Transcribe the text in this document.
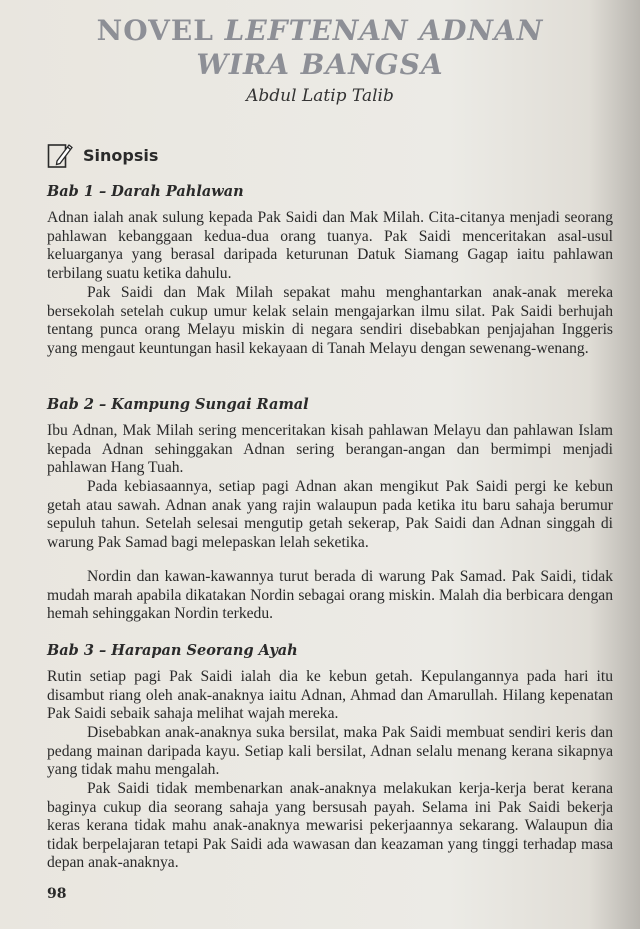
NOVEL LEFTENAN ADNAN
WIRA BANGSA
Abdul Latip Talib
Sinopsis
Bab 1 – Darah Pahlawan

Adnan ialah anak sulung kepada Pak Saidi dan Mak Milah. Cita-citanya menjadi seorang pahlawan kebanggaan kedua-dua orang tuanya. Pak Saidi menceritakan asal-usul keluarganya yang berasal daripada keturunan Datuk Siamang Gagap iaitu pahlawan terbilang suatu ketika dahulu.

Pak Saidi dan Mak Milah sepakat mahu menghantarkan anak-anak mereka bersekolah setelah cukup umur kelak selain mengajarkan ilmu silat. Pak Saidi berhujah tentang punca orang Melayu miskin di negara sendiri disebabkan penjajahan Inggeris yang mengaut keuntungan hasil kekayaan di Tanah Melayu dengan sewenang-wenang.

Bab 2 – Kampung Sungai Ramal

Ibu Adnan, Mak Milah sering menceritakan kisah pahlawan Melayu dan pahlawan Islam kepada Adnan sehinggakan Adnan sering berangan-angan dan bermimpi menjadi pahlawan Hang Tuah.

Pada kebiasaannya, setiap pagi Adnan akan mengikut Pak Saidi pergi ke kebun getah atau sawah. Adnan anak yang rajin walaupun pada ketika itu baru sahaja berumur sepuluh tahun. Setelah selesai mengutip getah sekerap, Pak Saidi dan Adnan singgah di warung Pak Samad bagi melepaskan lelah seketika.

Nordin dan kawan-kawannya turut berada di warung Pak Samad. Pak Saidi, tidak mudah marah apabila dikatakan Nordin sebagai orang miskin. Malah dia berbicara dengan hemah sehinggakan Nordin terkedu.

Bab 3 – Harapan Seorang Ayah

Rutin setiap pagi Pak Saidi ialah dia ke kebun getah. Kepulangannya pada hari itu disambut riang oleh anak-anaknya iaitu Adnan, Ahmad dan Amarullah. Hilang kepenatan Pak Saidi sebaik sahaja melihat wajah mereka.

Disebabkan anak-anaknya suka bersilat, maka Pak Saidi membuat sendiri keris dan pedang mainan daripada kayu. Setiap kali bersilat, Adnan selalu menang kerana sikapnya yang tidak mahu mengalah.

Pak Saidi tidak membenarkan anak-anaknya melakukan kerja-kerja berat kerana baginya cukup dia seorang sahaja yang bersusah payah. Selama ini Pak Saidi bekerja keras kerana tidak mahu anak-anaknya mewarisi pekerjaannya sekarang. Walaupun dia tidak berpelajaran tetapi Pak Saidi ada wawasan dan keazaman yang tinggi terhadap masa depan anak-anaknya.

98
